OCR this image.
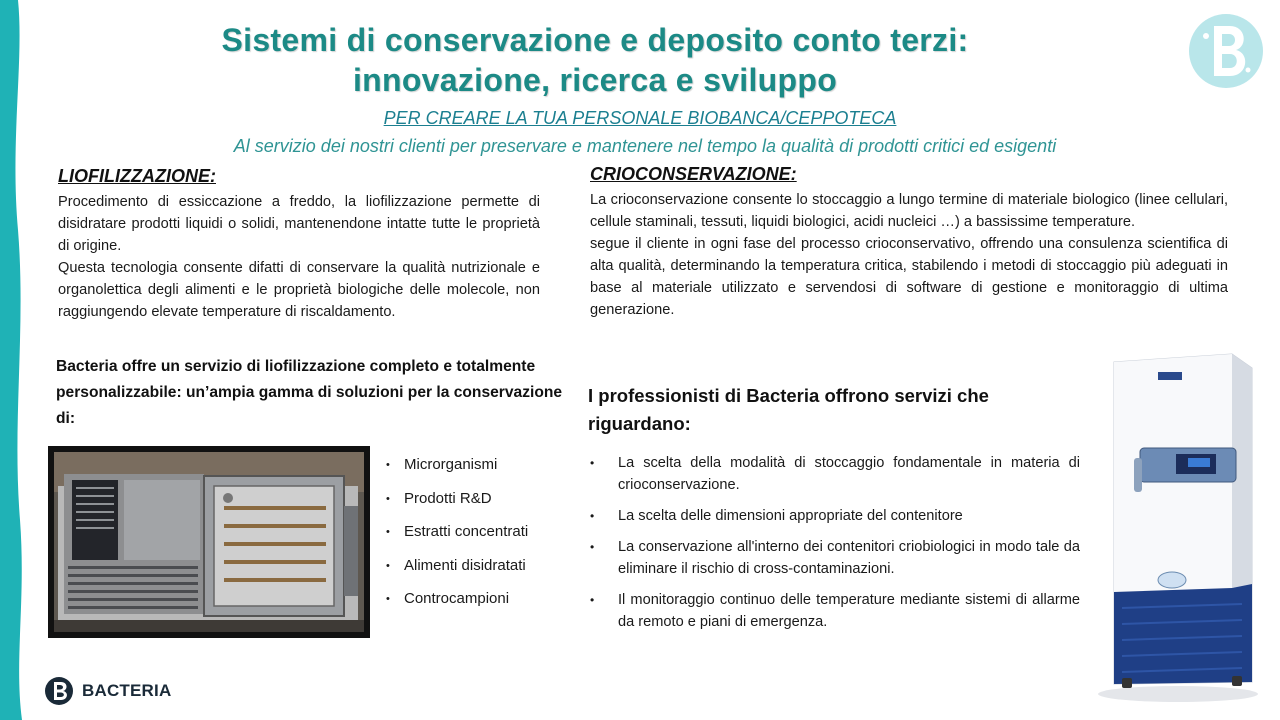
Sistemi di conservazione e deposito conto terzi:
innovazione, ricerca e sviluppo
PER CREARE LA TUA PERSONALE BIOBANCA/CEPPOTECA
Al servizio dei nostri clienti per preservare e mantenere nel tempo la qualità di prodotti critici ed esigenti
LIOFILIZZAZIONE:

Procedimento di essiccazione a freddo, la liofilizzazione permette di disidratare prodotti liquidi o solidi, mantenendone intatte tutte le proprietà di origine.

Questa tecnologia consente difatti di conservare la qualità nutrizionale e organolettica degli alimenti e le proprietà biologiche delle molecole, non raggiungendo elevate temperature di riscaldamento.

Bacteria offre un servizio di liofilizzazione completo e totalmente personalizzabile: un’ampia gamma di soluzioni per la conservazione di:
• Microrganismi
• Prodotti R&D
• Estratti concentrati
• Alimenti disidratati
• Controcampioni
CRIOCONSERVAZIONE:

La crioconservazione consente lo stoccaggio a lungo termine di materiale biologico (linee cellulari, cellule staminali, tessuti, liquidi biologici, acidi nucleici …) a bassissime temperature.

segue il cliente in ogni fase del processo crioconservativo, offrendo una consulenza scientifica di alta qualità, determinando la temperatura critica, stabilendo i metodi di stoccaggio più adeguati in base al materiale utilizzato e servendosi di software di gestione e monitoraggio di ultima generazione.

I professionisti di Bacteria offrono servizi che riguardano:
•	La scelta della modalità di stoccaggio fondamentale in materia di crioconservazione.
•	La scelta delle dimensioni appropriate del contenitore
•	La conservazione all'interno dei contenitori criobiologici in modo tale da eliminare il rischio di cross-contaminazioni.
•	Il monitoraggio continuo delle temperature mediante sistemi di allarme da remoto e piani di emergenza.
BACTERIA
